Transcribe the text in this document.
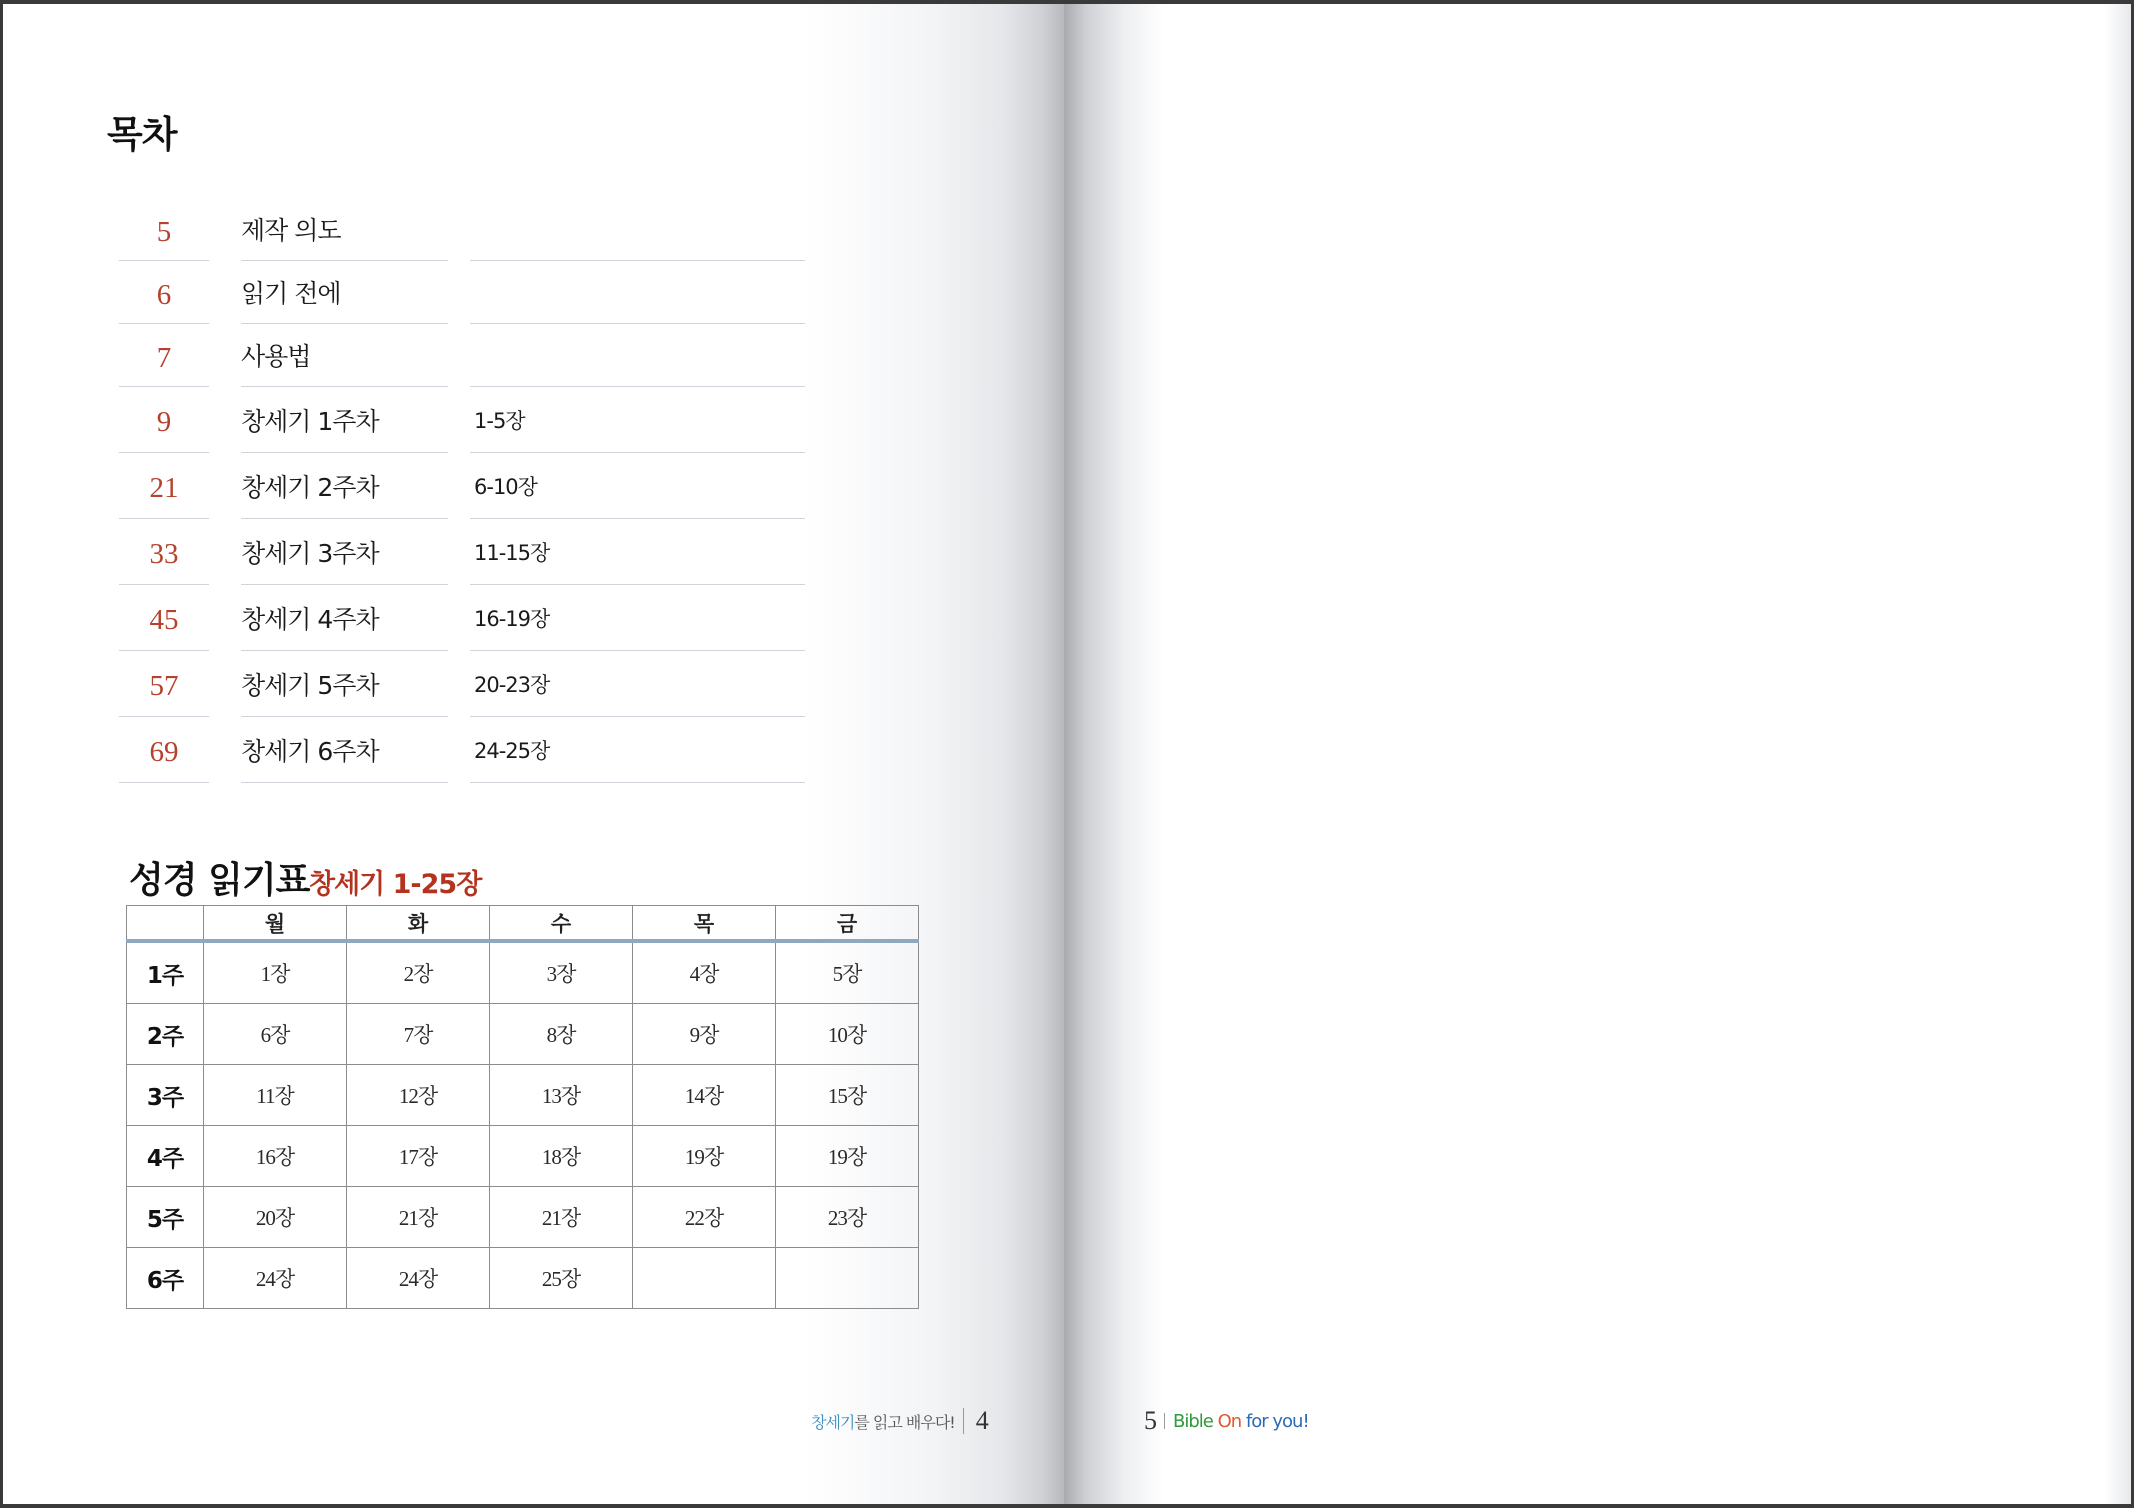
목차
5	제작 의도
6	읽기 전에
7	사용법
9	창세기 1주차	1-5장
21	창세기 2주차	6-10장
33	창세기 3주차	11-15장
45	창세기 4주차	16-19장
57	창세기 5주차	20-23장
69	창세기 6주차	24-25장
성경 읽기표 창세기 1-25장
	월	화	수	목	금
1주	1장	2장	3장	4장	5장
2주	6장	7장	8장	9장	10장
3주	11장	12장	13장	14장	15장
4주	16장	17장	18장	19장	19장
5주	20장	21장	21장	22장	23장
6주	24장	24장	25장		
창세기 를 읽고 배우다! 4	5 Bible
On
for you!
